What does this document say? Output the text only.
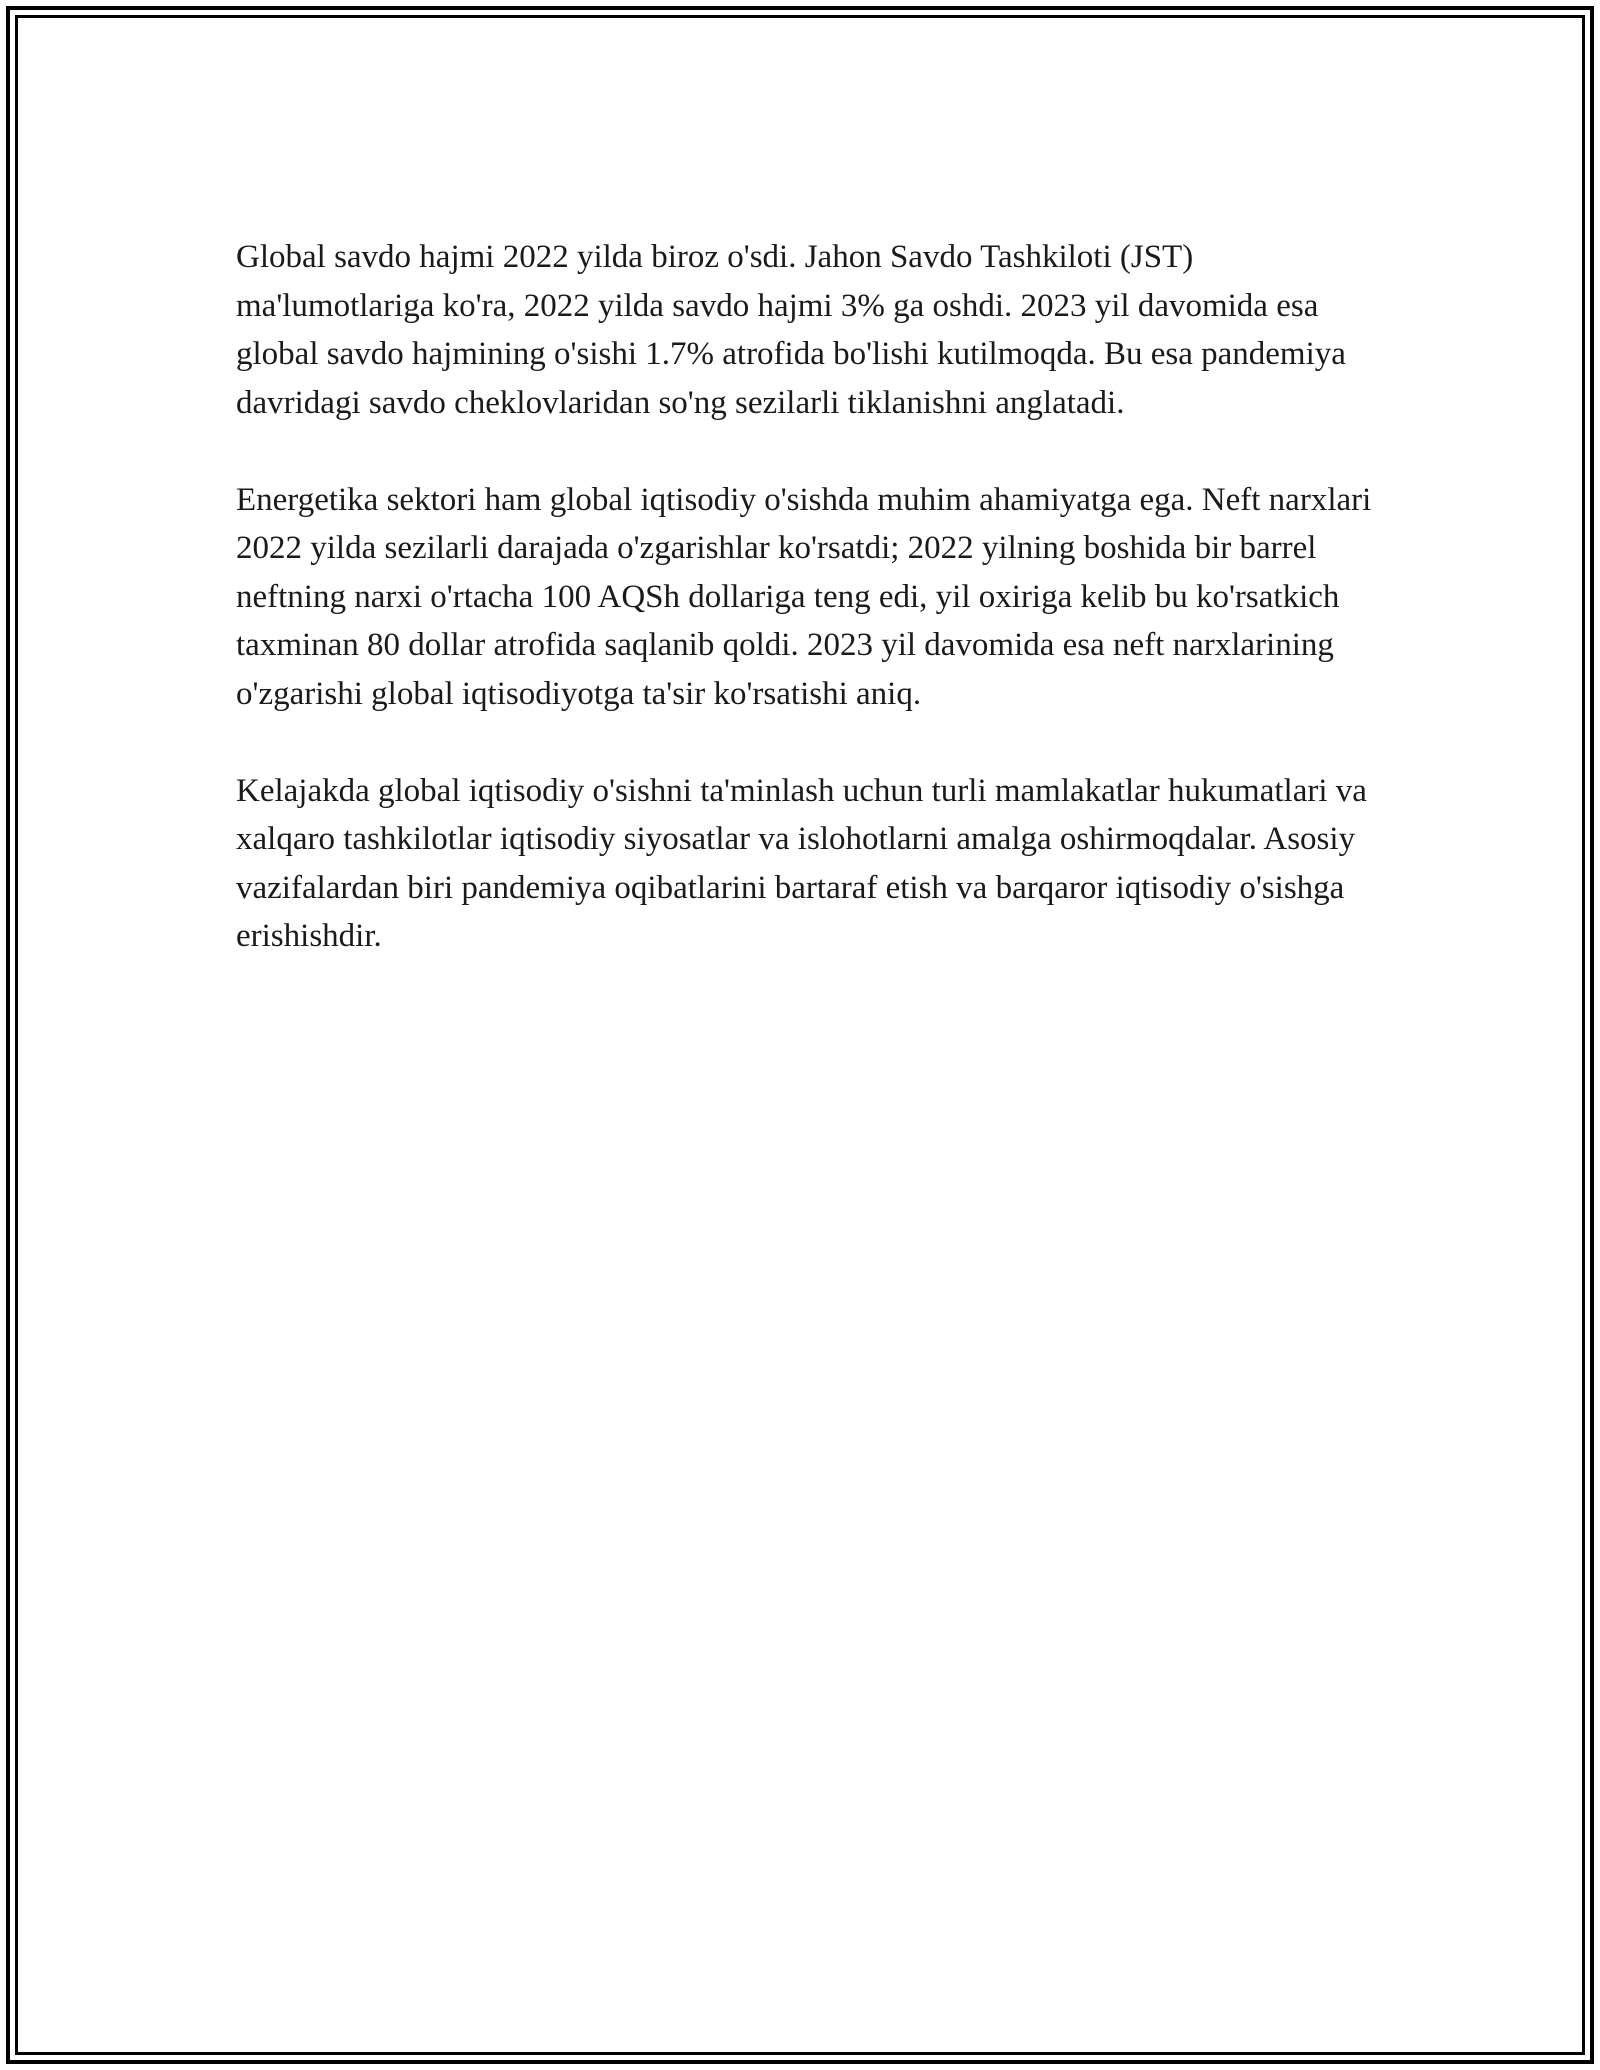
Global savdo hajmi 2022 yilda biroz o'sdi. Jahon Savdo Tashkiloti (JST) ma'lumotlariga ko'ra, 2022 yilda savdo hajmi 3% ga oshdi. 2023 yil davomida esa global savdo hajmining o'sishi 1.7% atrofida bo'lishi kutilmoqda. Bu esa pandemiya davridagi savdo cheklovlaridan so'ng sezilarli tiklanishni anglatadi.

Energetika sektori ham global iqtisodiy o'sishda muhim ahamiyatga ega. Neft narxlari 2022 yilda sezilarli darajada o'zgarishlar ko'rsatdi; 2022 yilning boshida bir barrel neftning narxi o'rtacha 100 AQSh dollariga teng edi, yil oxiriga kelib bu ko'rsatkich taxminan 80 dollar atrofida saqlanib qoldi. 2023 yil davomida esa neft narxlarining o'zgarishi global iqtisodiyotga ta'sir ko'rsatishi aniq.

Kelajakda global iqtisodiy o'sishni ta'minlash uchun turli mamlakatlar hukumatlari va xalqaro tashkilotlar iqtisodiy siyosatlar va islohotlarni amalga oshirmoqdalar. Asosiy vazifalardan biri pandemiya oqibatlarini bartaraf etish va barqaror iqtisodiy o'sishga erishishdir.
